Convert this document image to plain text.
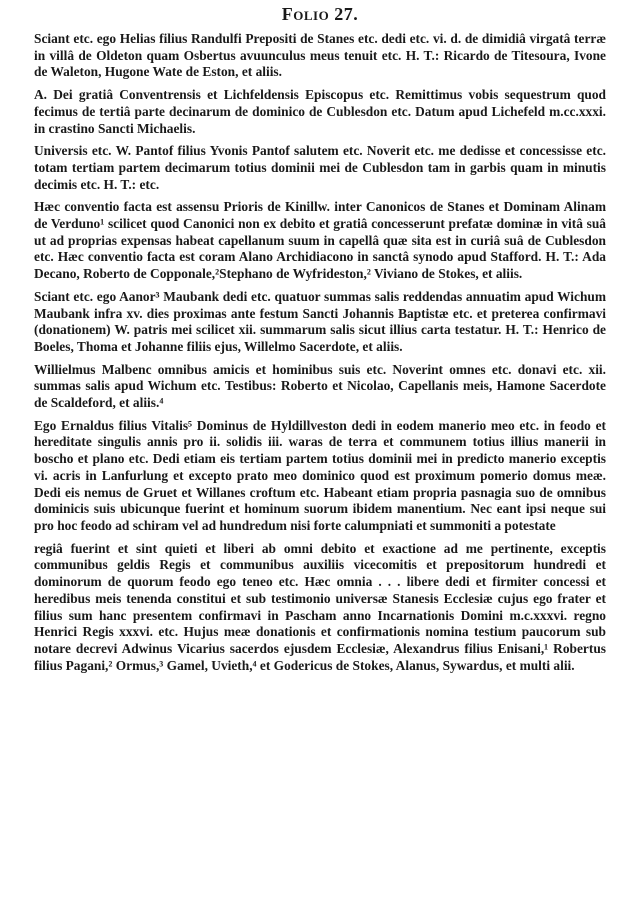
Folio 27.

Sciant etc. ego Helias filius Randulfi Prepositi de Stanes etc. dedi etc. vi. d. de dimidiâ virgatâ terræ in villâ de Oldeton quam Osbertus avuunculus meus tenuit etc. H. T.: Ricardo de Titesoura, Ivone de Waleton, Hugone Wate de Eston, et aliis.

A. Dei gratiâ Conventrensis et Lichfeldensis Episcopus etc. Remittimus vobis sequestrum quod fecimus de tertiâ parte decinarum de dominico de Cublesdon etc. Datum apud Lichefeld m.cc.xxxi. in crastino Sancti Michaelis.

Universis etc. W. Pantof filius Yvonis Pantof salutem etc. Noverit etc. me dedisse et concessisse etc. totam tertiam partem decimarum totius dominii mei de Cublesdon tam in garbis quam in minutis decimis etc. H. T.: etc.

Hæc conventio facta est assensu Prioris de Kinillw. inter Canonicos de Stanes et Dominam Alinam de Verduno¹ scilicet quod Canonici non ex debito et gratiâ concesserunt prefatæ dominæ in vitâ suâ ut ad proprias expensas habeat capellanum suum in capellâ quæ sita est in curiâ suâ de Cublesdon etc. Hæc conventio facta est coram Alano Archidiacono in sanctâ synodo apud Stafford. H. T.: Ada Decano, Roberto de Copponale,²Stephano de Wyfrideston,² Viviano de Stokes, et aliis.

Sciant etc. ego Aanor³ Maubank dedi etc. quatuor summas salis reddendas annuatim apud Wichum Maubank infra xv. dies proximas ante festum Sancti Johannis Baptistæ etc. et preterea confirmavi (donationem) W. patris mei scilicet xii. summarum salis sicut illius carta testatur. H. T.: Henrico de Boeles, Thoma et Johanne filiis ejus, Willelmo Sacerdote, et aliis.

Willielmus Malbenc omnibus amicis et hominibus suis etc. Noverint omnes etc. donavi etc. xii. summas salis apud Wichum etc. Testibus: Roberto et Nicolao, Capellanis meis, Hamone Sacerdote de Scaldeford, et aliis.⁴

Ego Ernaldus filius Vitalis⁵ Dominus de Hyldillveston dedi in eodem manerio meo etc. in feodo et hereditate singulis annis pro ii. solidis iii. waras de terra et communem totius illius manerii in boscho et plano etc. Dedi etiam eis tertiam partem totius dominii mei in predicto manerio exceptis vi. acris in Lanfurlung et excepto prato meo dominico quod est proximum pomerio domus meæ. Dedi eis nemus de Gruet et Willanes croftum etc. Habeant etiam propria pasnagia suo de omnibus dominicis suis ubicunque fuerint et hominum suorum ibidem manentium. Nec eant ipsi neque sui pro hoc feodo ad schiram vel ad hundredum nisi forte calumpniati et summoniti a potestate

regiâ fuerint et sint quieti et liberi ab omni debito et exactione ad me pertinente, exceptis communibus geldis Regis et communibus auxiliis vicecomitis et prepositorum hundredi et dominorum de quorum feodo ego teneo etc. Hæc omnia . . . libere dedi et firmiter concessi et heredibus meis tenenda constitui et sub testimonio universæ Stanesis Ecclesiæ cujus ego frater et filius sum hanc presentem confirmavi in Pascham anno Incarnationis Domini m.c.xxxvi. regno Henrici Regis xxxvi. etc. Hujus meæ donationis et confirmationis nomina testium paucorum sub notare decrevi Adwinus Vicarius sacerdos ejusdem Ecclesiæ, Alexandrus filius Enisani,¹ Robertus filius Pagani,² Ormus,³ Gamel, Uvieth,⁴ et Godericus de Stokes, Alanus, Sywardus, et multi alii.
